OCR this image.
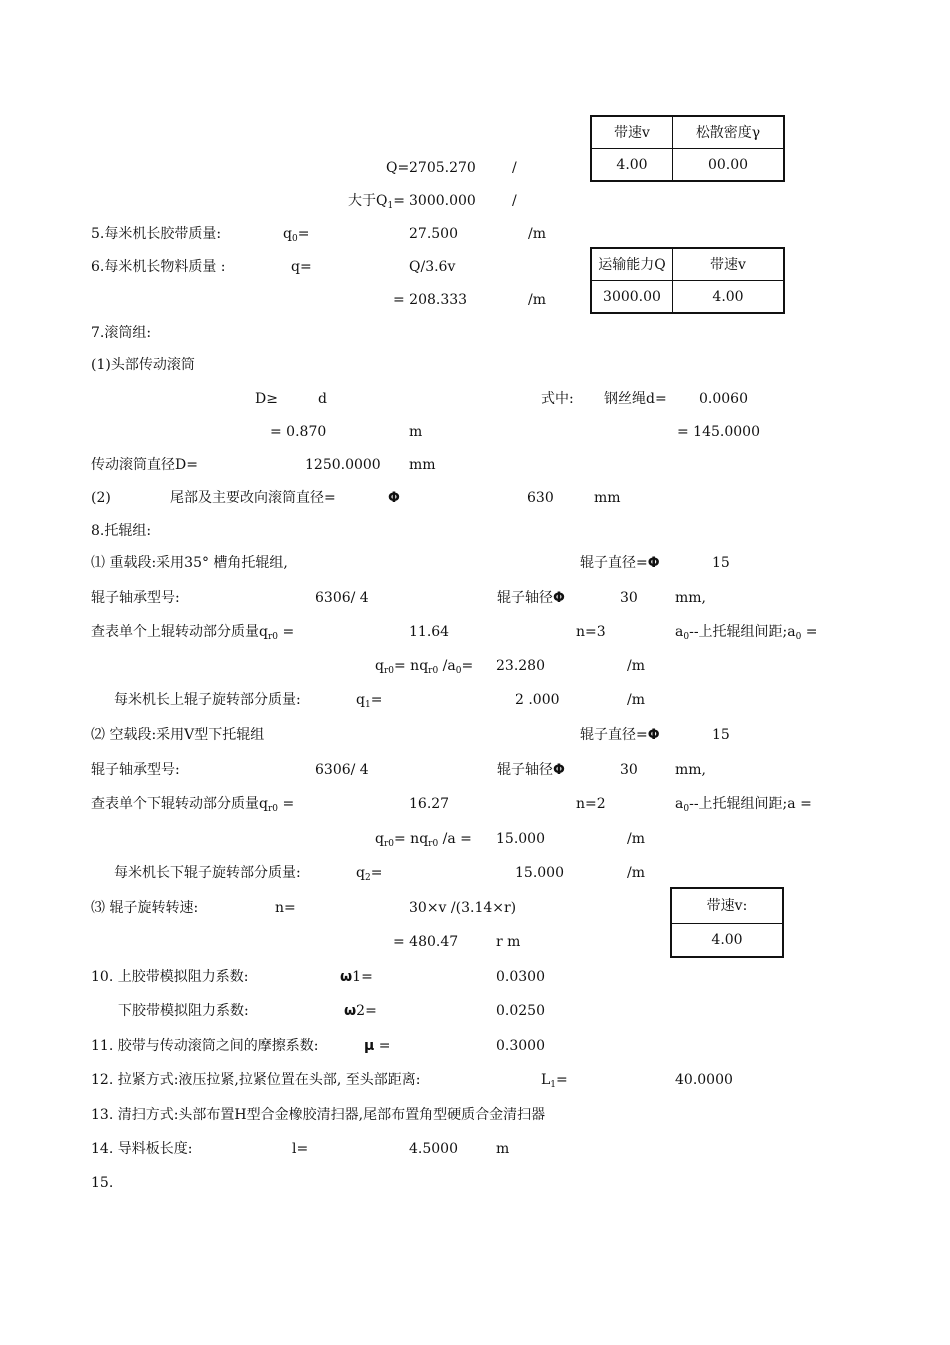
带速v	松散密度γ
4.00	00.00
Q= 2705.270	/
大于$Q_1= 3000.000$	/
5.每米机长胶带质量:	$q_0=$	27.500	/m
6.每米机长物料质量 :	q=	Q/3.6v
= 208.333	/m
运输能力Q	带速v
3000.00	4.00
7.滚筒组:
(1)头部传动滚筒
D≥	d	式中: 钢丝绳d= 0.0060
= 0.870	m	= 145.0000
传动滚筒直径D=	1250.0000 mm
(2)	尾部及主要改向滚筒直径=	Φ	630	mm
8.托辊组:
⑴ 重载段:采用35° 槽角托辊组,	辊子直径=Φ	15
辊子轴承型号:	6306/ 4	辊子轴径Φ	30	mm,
查表单个上辊转动部分质量$q_{r0}$ =	11.64	n=3	$a_0--$上托辊组间距$;a_0$ =
$q_{r0}= nq_{r0}$ $/a_0= 23.280$	/m
每米机长上辊子旋转部分质量:	$q_1=$	2 .000	/m
⑵ 空载段:采用V型下托辊组	辊子直径=Φ	15
辊子轴承型号:	6306/ 4	辊子轴径Φ	30	mm,
查表单个下辊转动部分质量$q_{r0}$ =	16.27	n=2	$a_0--$上托辊组间距;a =
$q_{r0}= nq_{r0}$ /a = 15.000	/m
每米机长下辊子旋转部分质量:	$q_2=$	15.000	/m
⑶ 辊子旋转转速:	n=	30×v /(3.14×r)
= 480.47	r m
带速v:
4.00
10. 上胶带模拟阻力系数:	ω1=	0.0300
下胶带模拟阻力系数:	ω2=	0.0250
11. 胶带与传动滚筒之间的摩擦系数:	μ =	0.3000
12. 拉紧方式:液压拉紧,拉紧位置在头部, 至头部距离:	$L_1=$	40.0000
13. 清扫方式:头部布置H型合金橡胶清扫器,尾部布置角型硬质合金清扫器
14. 导料板长度:	l=	4.5000	m
15.
